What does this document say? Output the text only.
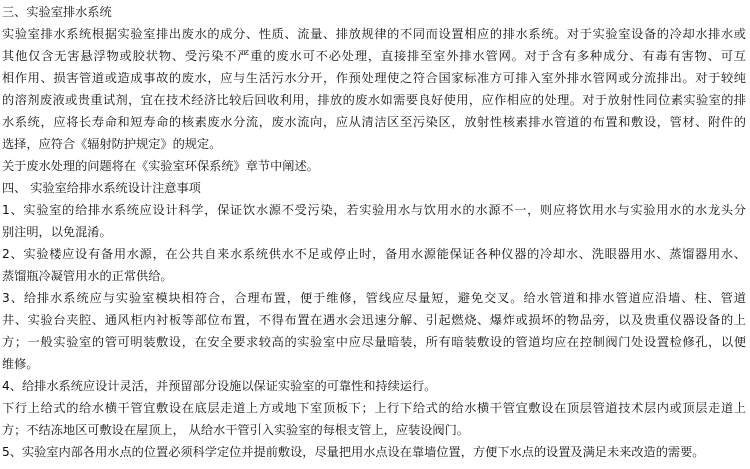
三、实验室排水系统
实验室排水系统根据实验室排出废水的成分、性质、流量、排放规律的不同而设置相应的排水系统。对于实验室设备的冷却水排水或
其他仅含无害悬浮物或胶状物、受污染不严重的废水可不必处理，直接排至室外排水管网。对于含有多种成分、有毒有害物、可互
相作用、损害管道或造成事故的废水，应与生活污水分开，作预处理使之符合国家标准方可排入室外排水管网或分流排出。对于较纯
的溶剂废液或贵重试剂，宜在技术经济比较后回收利用，排放的废水如需要良好使用，应作相应的处理。对于放射性同位素实验室的排
水系统，应将长寿命和短寿命的核素废水分流，废水流向，应从清洁区至污染区，放射性核素排水管道的布置和敷设，管材、附件的
选择，应符合《辐射防护规定》的规定。
关于废水处理的问题将在《实验室环保系统》章节中阐述。
四、 实验室给排水系统设计注意事项
1、实验室的给排水系统应设计科学，保证饮水源不受污染，若实验用水与饮用水的水源不一，则应将饮用水与实验用水的水龙头分
别注明，以免混淆。
2、实验楼应设有备用水源，在公共自来水系统供水不足或停止时，备用水源能保证各种仪器的冷却水、洗眼器用水、蒸馏器用水、
蒸馏瓶冷凝管用水的正常供给。
3、给排水系统应与实验室模块相符合，合理布置，便于维修，管线应尽量短，避免交叉。给水管道和排水管道应沿墙、柱、管道
井、实验台夹腔、通风柜内衬板等部位布置，不得布置在遇水会迅速分解、引起燃烧、爆炸或损坏的物品旁，以及贵重仪器设备的上
方；一般实验室的管可明装敷设，在安全要求较高的实验室中应尽量暗装，所有暗装敷设的管道均应在控制阀门处设置检修孔，以便
维修。
4、给排水系统应设计灵活，并预留部分设施以保证实验室的可靠性和持续运行。
下行上给式的给水横干管宜敷设在底层走道上方或地下室顶板下；上行下给式的给水横干管宜敷设在顶层管道技术层内或顶层走道上
方；不结冻地区可敷设在屋顶上， 从给水干管引入实验室的每根支管上，应装设阀门。
5、实验室内部各用水点的位置必须科学定位并提前敷设，尽量把用水点设在靠墙位置，方便下水点的设置及满足未来改造的需要。
